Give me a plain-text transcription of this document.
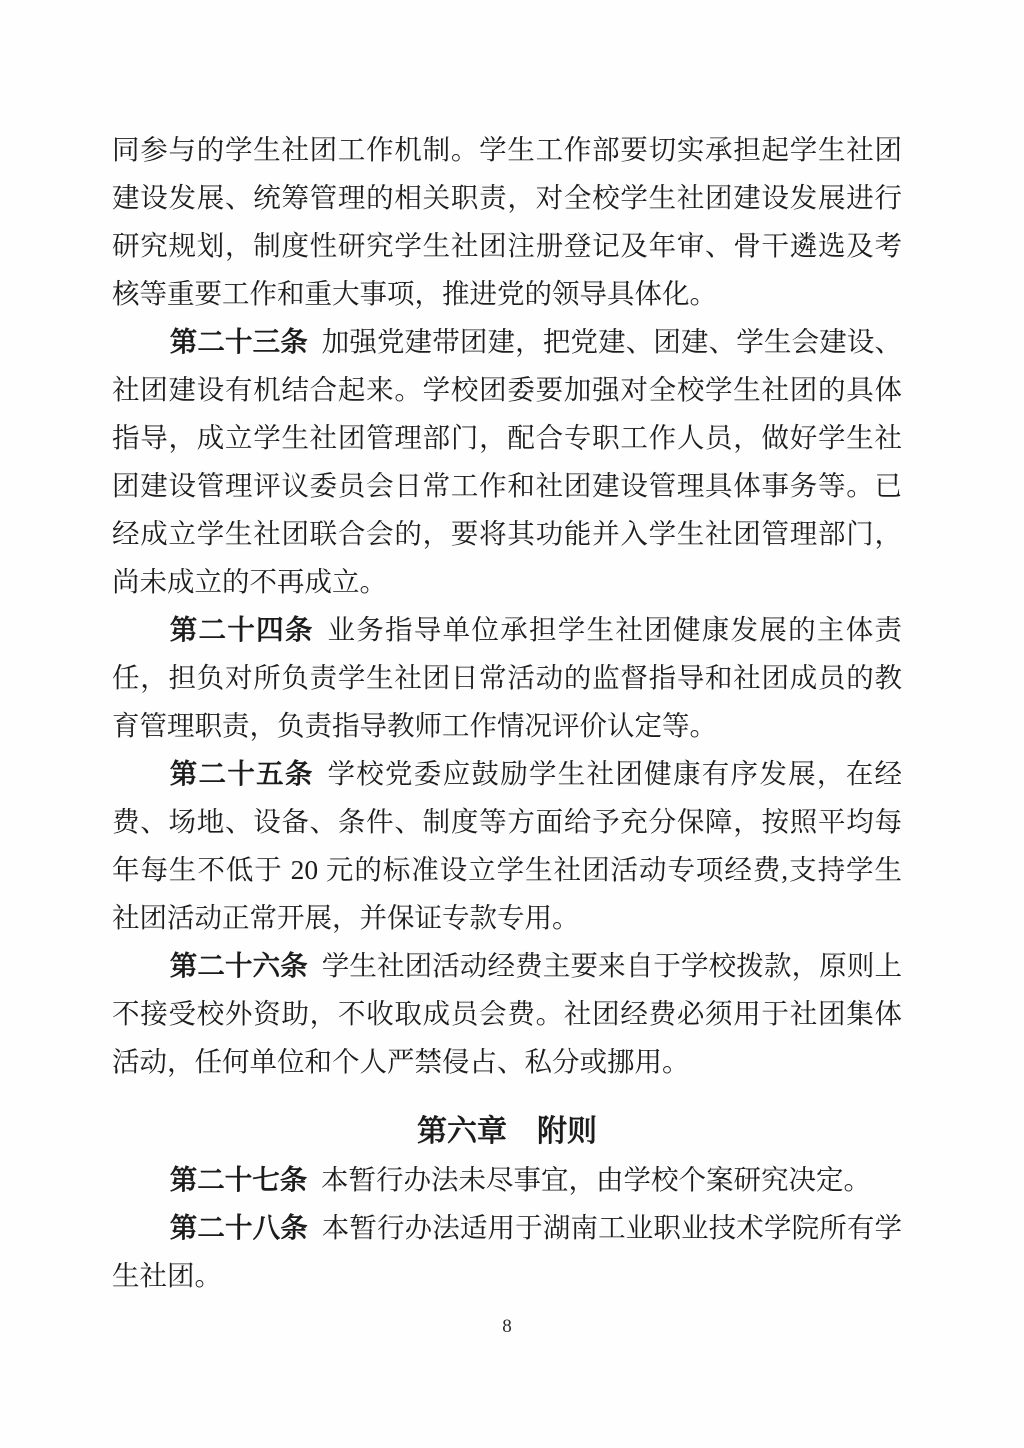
同参与的学生社团工作机制。学生工作部要切实承担起学生社团建设发展、统筹管理的相关职责，对全校学生社团建设发展进行研究规划，制度性研究学生社团注册登记及年审、骨干遴选及考核等重要工作和重大事项，推进党的领导具体化。

第二十三条 加强党建带团建，把党建、团建、学生会建设、社团建设有机结合起来。学校团委要加强对全校学生社团的具体指导，成立学生社团管理部门，配合专职工作人员，做好学生社团建设管理评议委员会日常工作和社团建设管理具体事务等。已经成立学生社团联合会的，要将其功能并入学生社团管理部门，尚未成立的不再成立。

第二十四条 业务指导单位承担学生社团健康发展的主体责任，担负对所负责学生社团日常活动的监督指导和社团成员的教育管理职责，负责指导教师工作情况评价认定等。

第二十五条 学校党委应鼓励学生社团健康有序发展，在经费、场地、设备、条件、制度等方面给予充分保障，按照平均每年每生不低于 20 元的标准设立学生社团活动专项经费,支持学生社团活动正常开展，并保证专款专用。

第二十六条 学生社团活动经费主要来自于学校拨款，原则上不接受校外资助，不收取成员会费。社团经费必须用于社团集体活动，任何单位和个人严禁侵占、私分或挪用。

第六章　附则

第二十七条 本暂行办法未尽事宜，由学校个案研究决定。

第二十八条 本暂行办法适用于湖南工业职业技术学院所有学生社团。

8
